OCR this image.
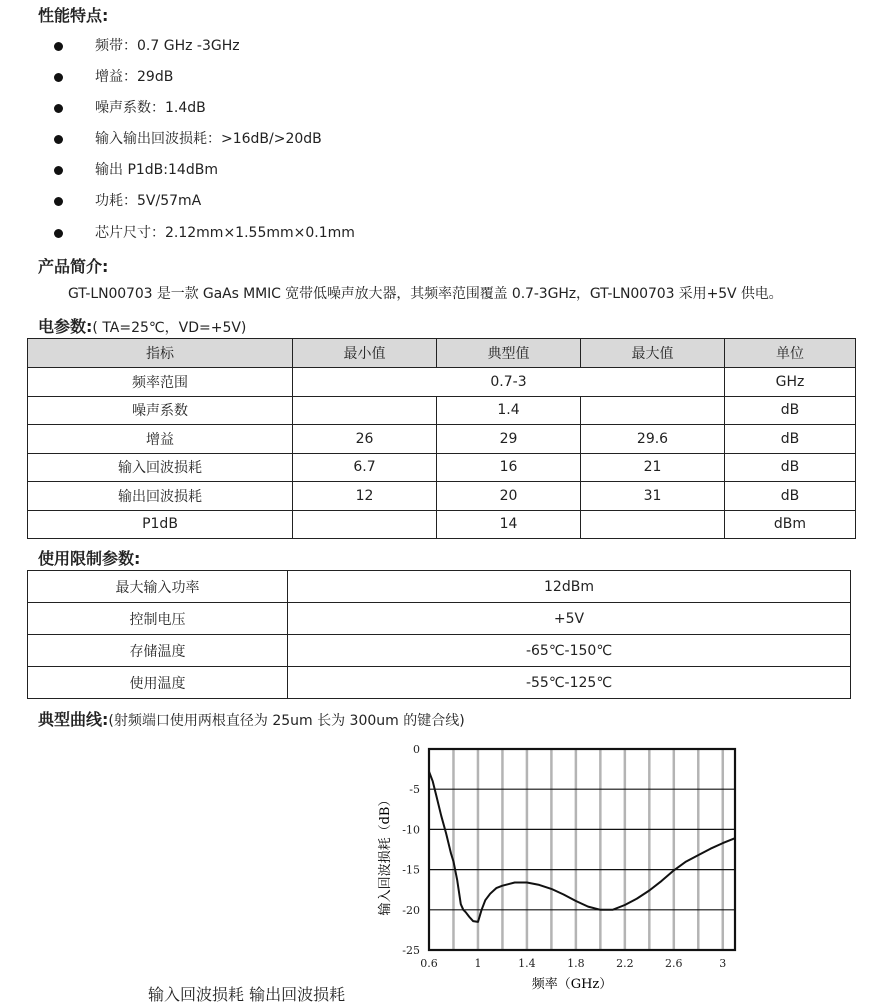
性能特点:
频带：0.7 GHz -3GHz
增益：29dB
噪声系数：1.4dB
输入输出回波损耗：>16dB/>20dB
输出 P1dB:14dBm
功耗：5V/57mA
芯片尺寸：2.12mm×1.55mm×0.1mm
产品简介:
GT-LN00703 是一款 GaAs MMIC 宽带低噪声放大器，其频率范围覆盖 0.7-3GHz，GT-LN00703 采用+5V 供电。
电参数:( TA=25℃，VD=+5V)
指标	最小值	典型值	最大值	单位
频率范围	0.7-3			GHz
噪声系数		1.4		dB
增益	26	29	29.6	dB
输入回波损耗	6.7	16	21	dB
输出回波损耗	12	20	31	dB
P1dB		14		dBm
使用限制参数:
最大输入功率	12dBm
控制电压	+5V
存储温度	-65℃-150℃
使用温度	-55℃-125℃
典型曲线:(射频端口使用两根直径为 25um 长为 300um 的键合线)
0
-5
-10
-15
-20
-25
0.6	1	1.4	1.8	2.2	2.6	3
频率（GHz）
输入回波损耗（dB）
输入回波损耗 输出回波损耗
